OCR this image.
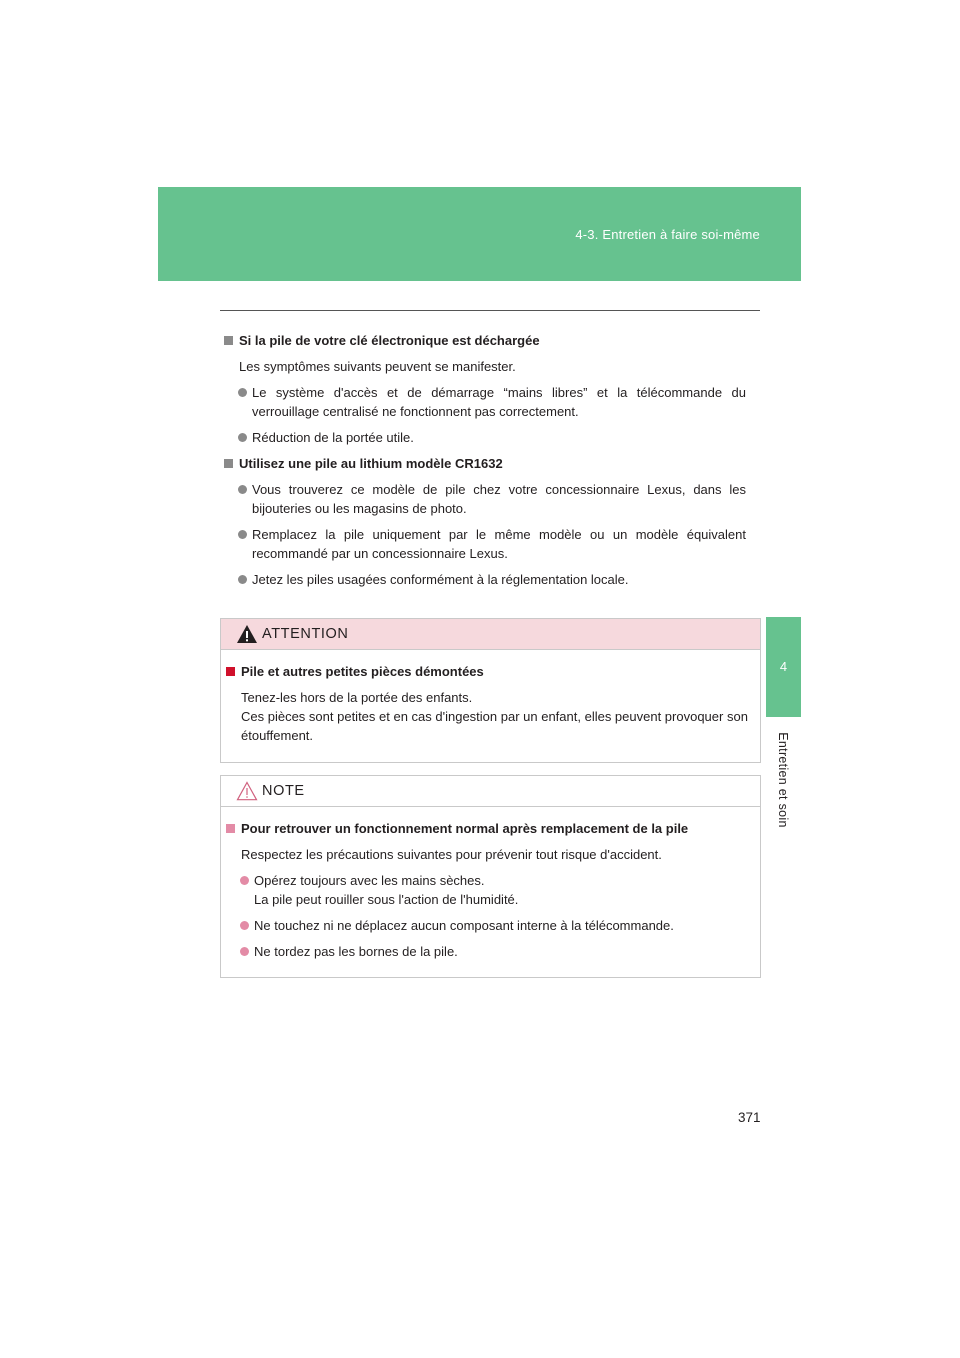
4-3. Entretien à faire soi-même
4
Entretien et soin
Si la pile de votre clé électronique est déchargée
Les symptômes suivants peuvent se manifester.
Le système d'accès et de démarrage “mains libres” et la télécommande du verrouillage centralisé ne fonctionnent pas correctement.
Réduction de la portée utile.
Utilisez une pile au lithium modèle CR1632
Vous trouverez ce modèle de pile chez votre concessionnaire Lexus, dans les bijouteries ou les magasins de photo.
Remplacez la pile uniquement par le même modèle ou un modèle équivalent recommandé par un concessionnaire Lexus.
Jetez les piles usagées conformément à la réglementation locale.
ATTENTION
Pile et autres petites pièces démontées
Tenez-les hors de la portée des enfants.
Ces pièces sont petites et en cas d'ingestion par un enfant, elles peuvent provoquer son étouffement.
NOTE
Pour retrouver un fonctionnement normal après remplacement de la pile
Respectez les précautions suivantes pour prévenir tout risque d'accident.
Opérez toujours avec les mains sèches.
La pile peut rouiller sous l'action de l'humidité.
Ne touchez ni ne déplacez aucun composant interne à la télécommande.
Ne tordez pas les bornes de la pile.
371
